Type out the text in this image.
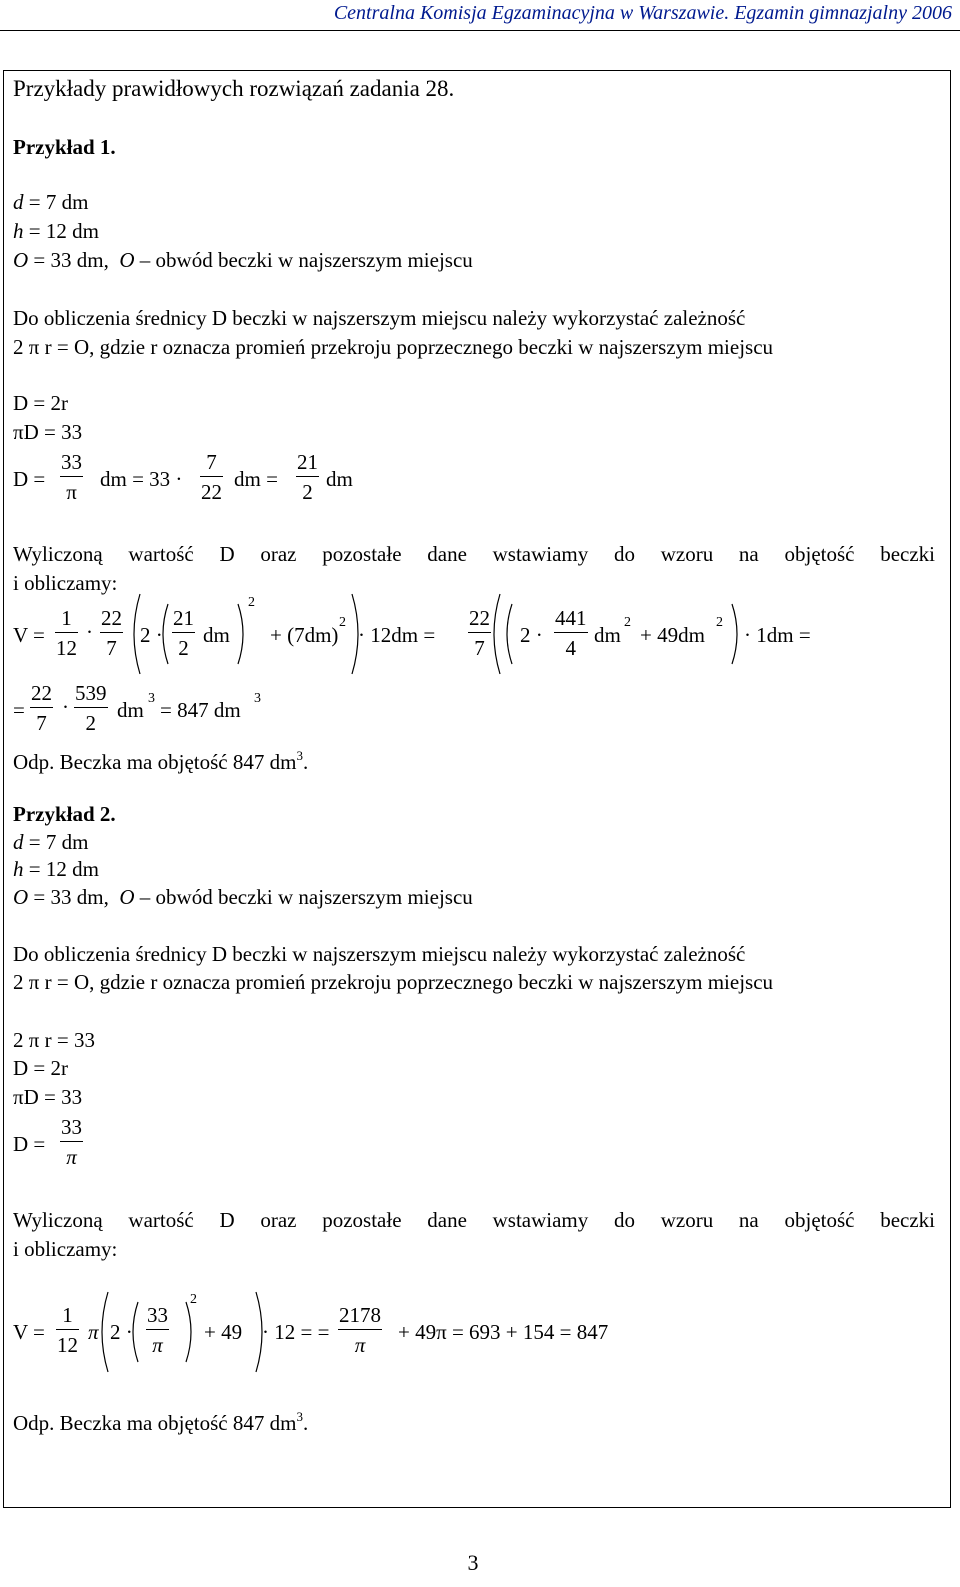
Centralna Komisja Egzaminacyjna w Warszawie. Egzamin gimnazjalny 2006
Przykłady prawidłowych rozwiązań zadania 28.
Przykład 1.
d = 7 dm
h = 12 dm
O = 33 dm, O – obwód beczki w najszerszym miejscu
Do obliczenia średnicy D beczki w najszerszym miejscu należy wykorzystać zależność
2 π r = O, gdzie r oznacza promień przekroju poprzecznego beczki w najszerszym miejscu
D = 2r
πD = 33
D =
33
π
dm = 33 ·
7
22
dm =
21
2
dm
Wyliczoną wartość D oraz pozostałe dane wstawiamy do wzoru na objętość beczki
i obliczamy:
V =
1
12
·
22
7
2 ·
21
2
dm
2
+ (7dm)
2
· 12dm =
22
7
2 ·
441
4
dm
2
+ 49dm
2
· 1dm =
=
22
7
·
539
2
dm 3 = 847 dm 3
Odp. Beczka ma objętość 847 $dm^3$.
Przykład 2.
d = 7 dm
h = 12 dm
O = 33 dm, O – obwód beczki w najszerszym miejscu
Do obliczenia średnicy D beczki w najszerszym miejscu należy wykorzystać zależność
2 π r = O, gdzie r oznacza promień przekroju poprzecznego beczki w najszerszym miejscu
2 π r = 33
D = 2r
πD = 33
D =
33
π
Wyliczoną wartość D oraz pozostałe dane wstawiamy do wzoru na objętość beczki
i obliczamy:
V =
1
12
π 2 ·
33
π
2
+ 49 · 12 = =
2178
π
+ 49π = 693 + 154 = 847
Odp. Beczka ma objętość 847 $dm^3$.
3
